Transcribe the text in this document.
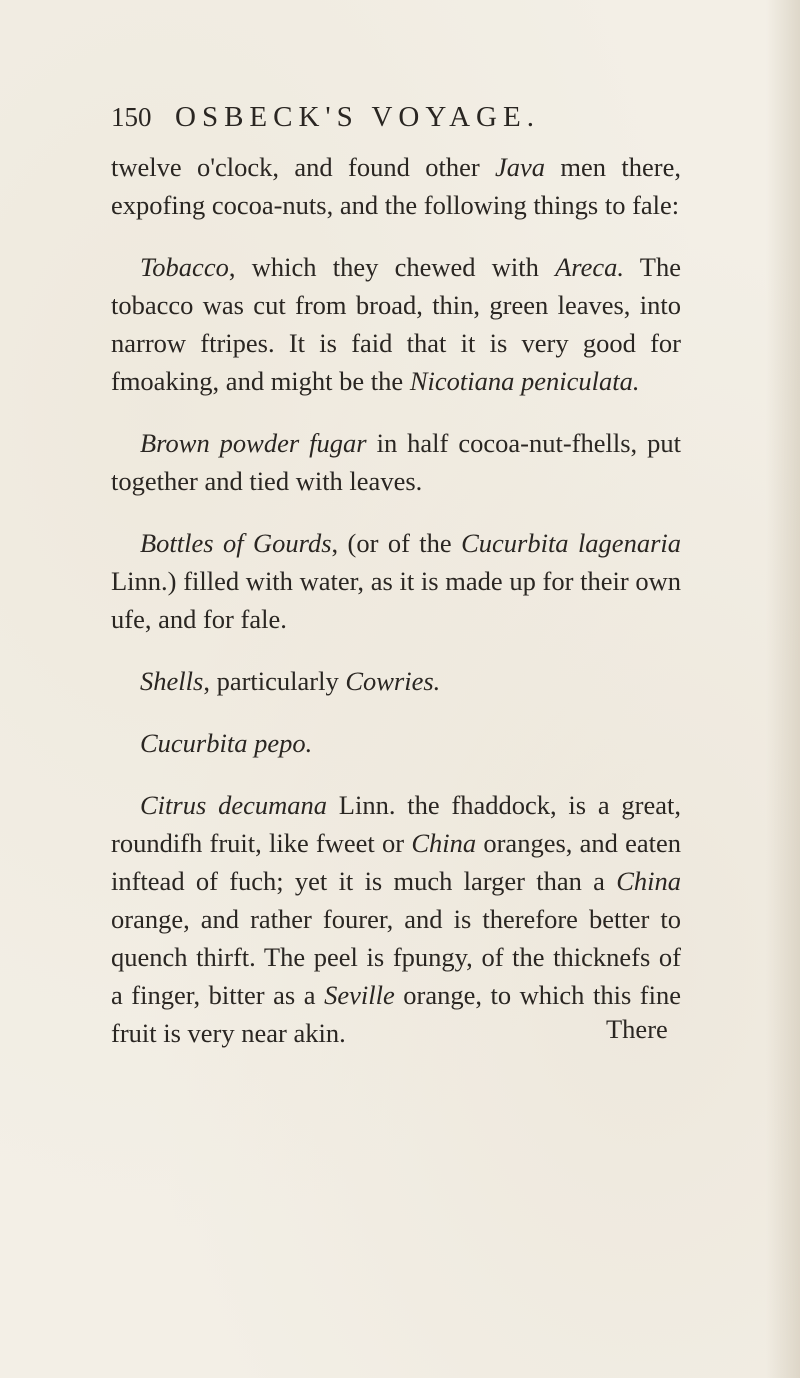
150 OSBECK'S VOYAGE.

twelve o'clock, and found other Java men there, expofing cocoa-nuts, and the following things to fale:

Tobacco, which they chewed with Areca. The tobacco was cut from broad, thin, green leaves, into narrow ftripes. It is faid that it is very good for fmoaking, and might be the Nicotiana peniculata.

Brown powder fugar in half cocoa-nut-fhells, put together and tied with leaves.

Bottles of Gourds, (or of the Cucurbita lagenaria Linn.) filled with water, as it is made up for their own ufe, and for fale.

Shells, particularly Cowries.

Cucurbita pepo.

Citrus decumana Linn. the fhaddock, is a great, roundifh fruit, like fweet or China oranges, and eaten inftead of fuch; yet it is much larger than a China orange, and rather fourer, and is therefore better to quench thirft. The peel is fpungy, of the thicknefs of a finger, bitter as a Seville orange, to which this fine fruit is very near akin.	There
